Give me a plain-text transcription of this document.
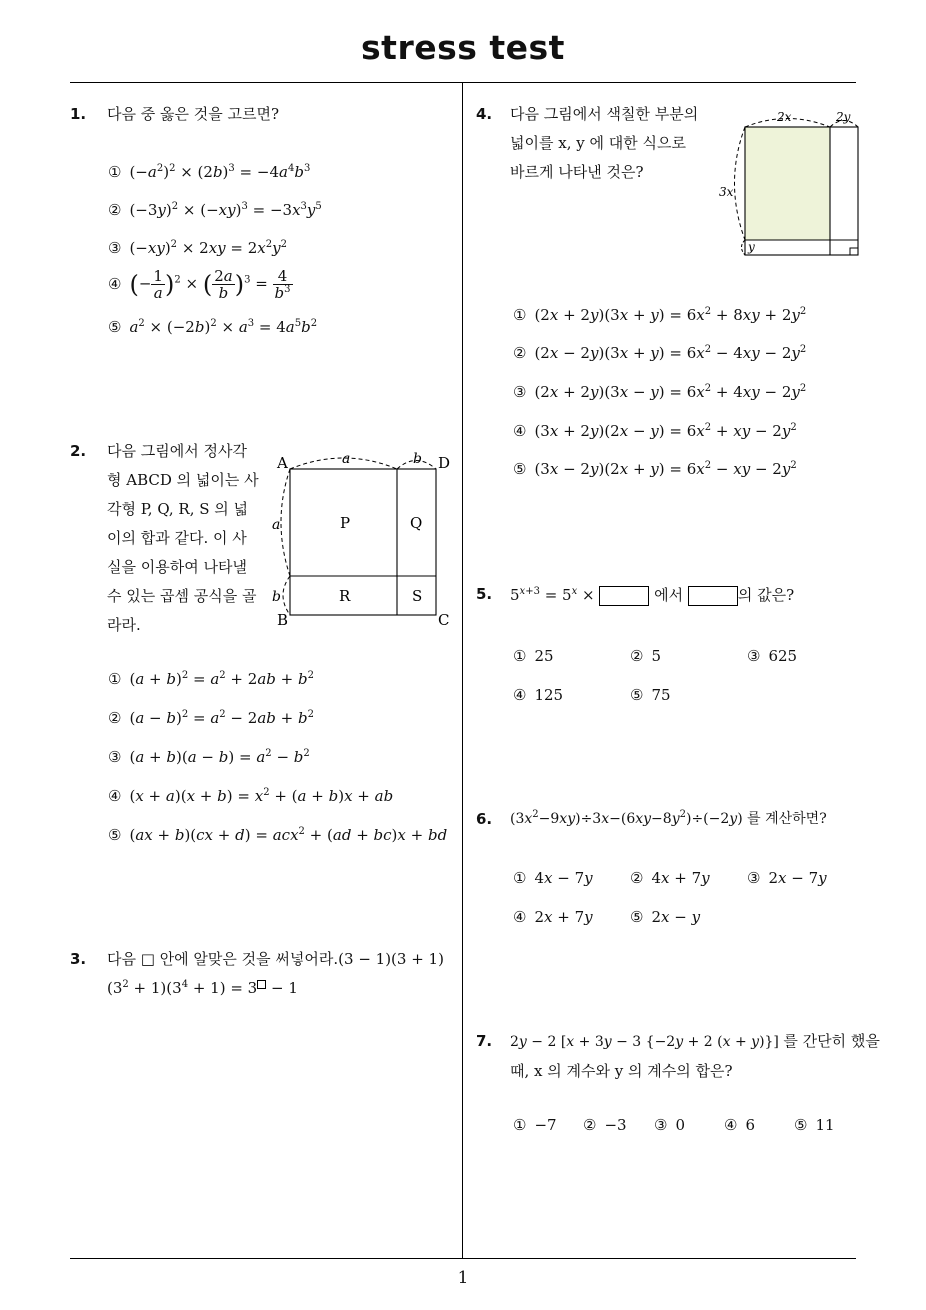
stress test
1
1. 다음 중 옳은 것을 고르면?
① $(-a^2)^2 \times (2b)^3 = -4a^4b^3$
② $(-3y)^2 \times (-xy)^3 = -3x^3y^5$
③ $(-xy)^2 \times 2xy = 2x^2y^2$
④ (− $\frac{1}{a} )^2$ × ( $\frac{2a}{b} )^3 = \frac{4}{b^3}$
⑤ $a^2 \times (-2b)^2 \times a^3 = 4a^5b^2$
2. 다음 그림에서 정사각
형 ABCD 의 넓이는 사
각형 P, Q, R, S 의 넓
이의 합과 같다. 이 사
실을 이용하여 나타낼
수 있는 곱셈 공식을 골
라라.
A	D
B	C
a	b
a
b
P	Q
R	S
① $(a + b)^2 = a^2 + 2ab + b^2$
② $(a - b)^2 = a^2 - 2ab + b^2$
③ $(a + b)(a - b) = a^2 - b^2$
④ $(x + a)(x + b) = x^2 + (a + b)x$ + ab
⑤ (ax + b)(cx + d) = acx$^2$ + (ad + bc)x + bd
3. 다음 □ 안에 알맞은 것을 써넣어라$.(3 - 1)(3 + 1)(3^2 + 1)(3^4 + 1) = 3 - 1$
4. 다음 그림에서 색칠한 부분의
넓이를 x, y 에 대한 식으로
바르게 나타낸 것은?
2x	2y
3x
y
① $(2x + 2y)(3x + y) = 6x^2 + 8xy + 2y^2$
② $(2x - 2y)(3x + y) = 6x^2 - 4xy - 2y^2$
③ $(2x + 2y)(3x - y) = 6x^2 + 4xy - 2y^2$
④ $(3x + 2y)(2x - y) = 6x^2$ + xy − $2y^2$
⑤ $(3x - 2y)(2x + y) = 6x^2$ − xy − $2y^2$
5. $5^{x+3} = 5^x$ ×	에서	의 값은?
① 25	② 5	③ 625
④ 125	⑤ 75
6. $(3x^2-9xy)\div 3x-(6xy-8y^2)\div(-2y)$ 를 계산하면?
① 4x − 7y ② 4x + 7y ③ 2x − 7y
④ 2x + 7y ⑤ 2x − y
7. 2y − 2 [x + 3y − 3 {−2y + 2 (x + y)}] 를 간단히 했을
때, x 의 계수와 y 의 계수의 합은?
① −7 ② −3 ③ 0	④ 6	⑤ 11
